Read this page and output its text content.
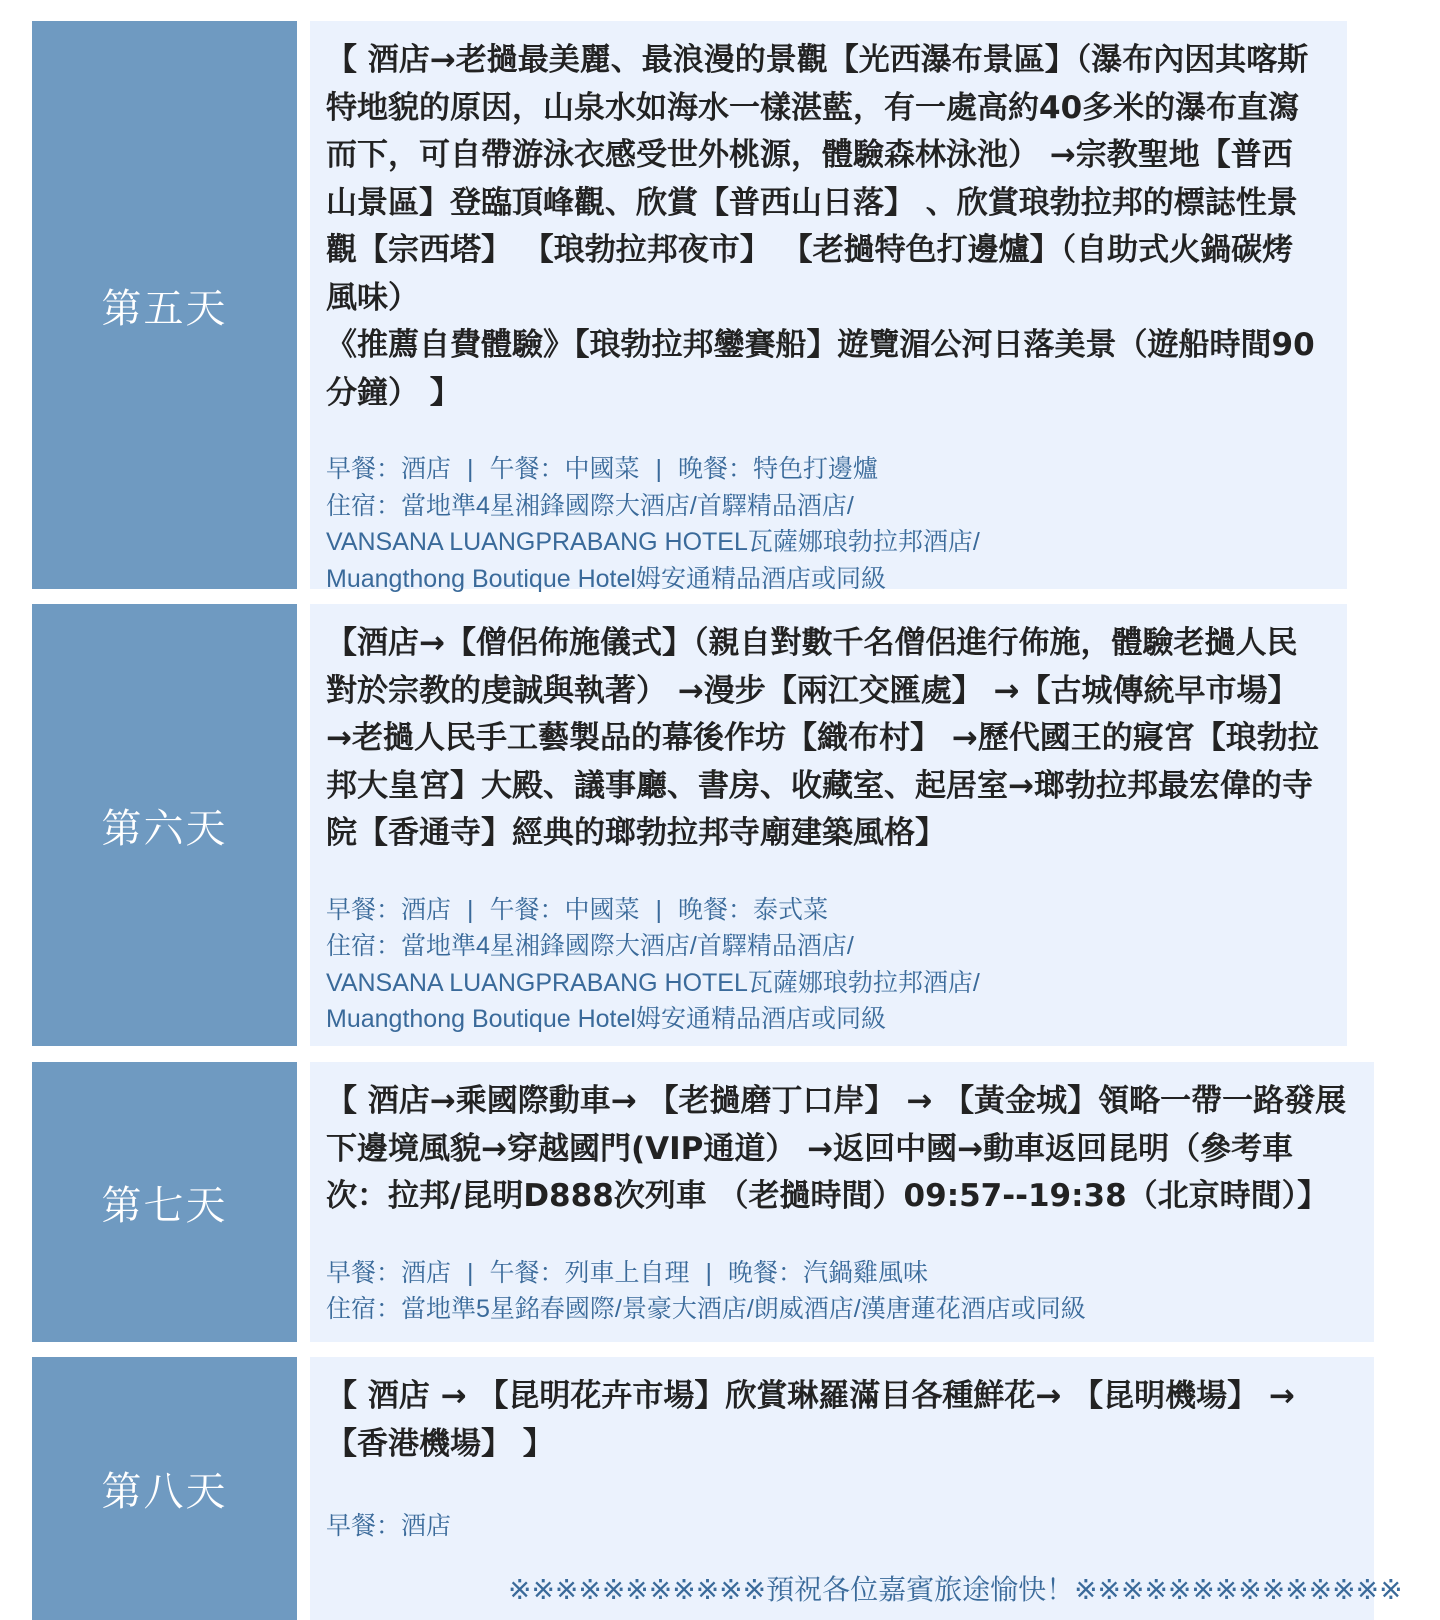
第五天

【 酒店→老撾最美麗、最浪漫的景觀【光西瀑布景區】（瀑布內因其喀斯特地貌的原因，山泉水如海水一樣湛藍，有一處高約40多米的瀑布直瀉而下，可自帶游泳衣感受世外桃源，體驗森林泳池） →宗教聖地【普西山景區】登臨頂峰觀、欣賞【普西山日落】 、欣賞琅勃拉邦的標誌性景觀【宗西塔】 【琅勃拉邦夜市】 【老撾特色打邊爐】（自助式火鍋碳烤風味）

《推薦自費體驗》【琅勃拉邦鑾賽船】遊覽湄公河日落美景（遊船時間90分鐘） 】

早餐：酒店 | 午餐：中國菜 | 晚餐：特色打邊爐
住宿：當地準4星湘鋒國際大酒店/首驛精品酒店/
VANSANA LUANGPRABANG HOTEL瓦薩娜琅勃拉邦酒店/
Muangthong Boutique Hotel姆安通精品酒店或同級
第六天

【酒店→【僧侶佈施儀式】（親自對數千名僧侶進行佈施，體驗老撾人民對於宗教的虔誠與執著） →漫步【兩江交匯處】 →【古城傳統早市場】 →老撾人民手工藝製品的幕後作坊【織布村】 →歷代國王的寢宮【琅勃拉邦大皇宮】大殿、議事廳、書房、收藏室、起居室→瑯勃拉邦最宏偉的寺院【香通寺】經典的瑯勃拉邦寺廟建築風格】

早餐：酒店 | 午餐：中國菜 | 晚餐：泰式菜
住宿：當地準4星湘鋒國際大酒店/首驛精品酒店/
VANSANA LUANGPRABANG HOTEL瓦薩娜琅勃拉邦酒店/
Muangthong Boutique Hotel姆安通精品酒店或同級
第七天

【 酒店→乘國際動車→ 【老撾磨丁口岸】 → 【黃金城】領略一帶一路發展下邊境風貌→穿越國門(VIP通道） →返回中國→動車返回昆明（參考車次：拉邦/昆明D888次列車 （老撾時間）09:57--19:38（北京時間）】

早餐：酒店 | 午餐：列車上自理 | 晚餐：汽鍋雞風味
住宿：當地準5星銘春國際/景豪大酒店/朗威酒店/漢唐蓮花酒店或同級
第八天

【 酒店 → 【昆明花卉市場】欣賞琳羅滿目各種鮮花→ 【昆明機場】 → 【香港機場】 】

早餐：酒店
※※※※※※※※※※※預祝各位嘉賓旅途愉快！※※※※※※※※※※※※※※
